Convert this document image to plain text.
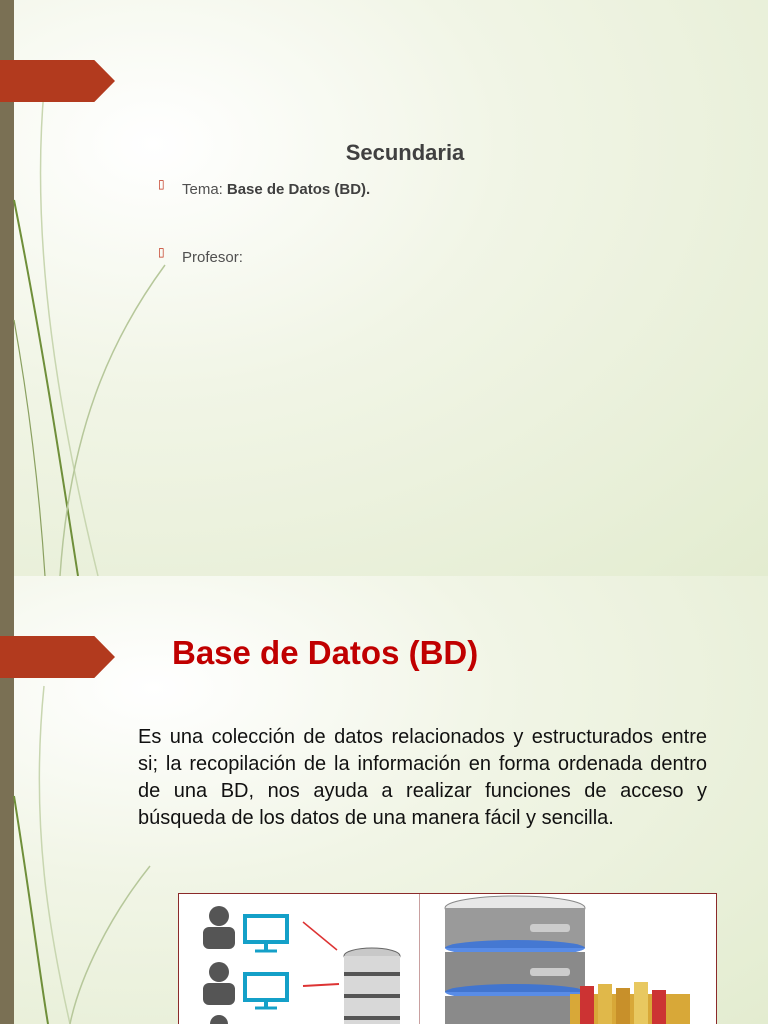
Secundaria
▯	Tema: Base de Datos (BD).
▯	Profesor:
Base de Datos (BD)
Es una colección de datos relacionados y estructurados entre si; la recopilación de la información en forma ordenada dentro de una BD, nos ayuda a realizar funciones de acceso y búsqueda de los datos de una manera fácil y sencilla.
